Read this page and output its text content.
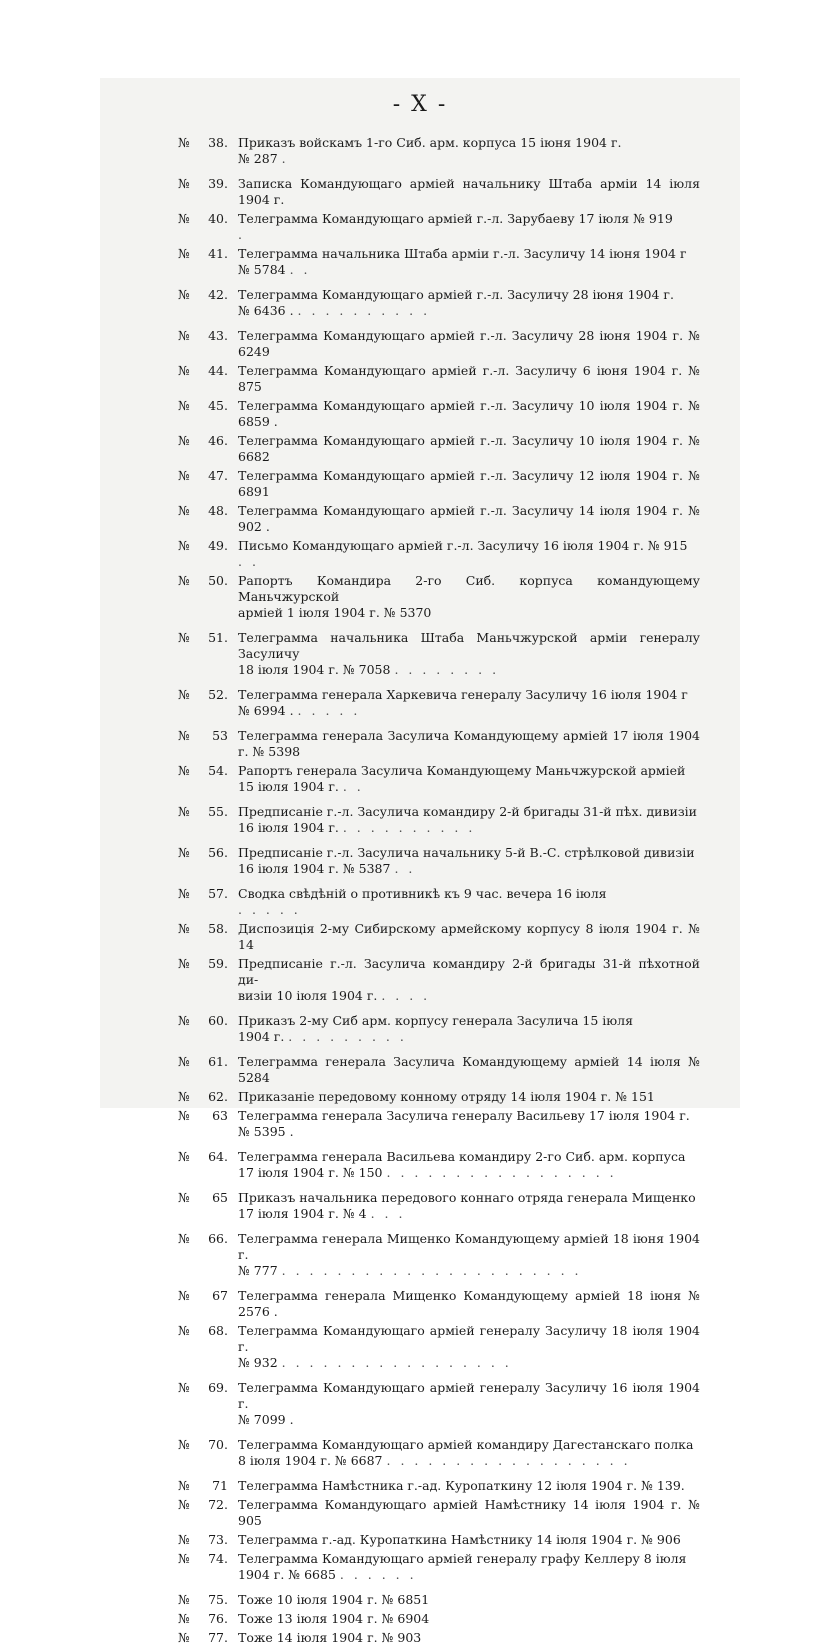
- X -
№	38. Приказъ войскамъ 1-го Сиб. арм. корпуса 15 іюня 1904 г.
№ 287 .
№	39. Записка Командующаго арміей начальнику Штаба арміи 14 іюля 1904 г.
№	40. Телеграмма Командующаго арміей г.-л. Зарубаеву 17 іюля № 919
.
№	41. Телеграмма начальника Штаба арміи г.-л. Засуличу 14 іюня 1904 г
№ 5784 . .
№	42. Телеграмма Командующаго арміей г.-л. Засуличу 28 іюня 1904 г.
№ 6436 . . . . . . . . . . .
№	43. Телеграмма Командующаго арміей г.-л. Засуличу 28 іюня 1904 г. № 6249
№	44. Телеграмма Командующаго арміей г.-л. Засуличу 6 іюня 1904 г. № 875
№	45. Телеграмма Командующаго арміей г.-л. Засуличу 10 іюля 1904 г. № 6859 .
№	46. Телеграмма Командующаго арміей г.-л. Засуличу 10 іюля 1904 г. № 6682
№	47. Телеграмма Командующаго арміей г.-л. Засуличу 12 іюля 1904 г. № 6891
№	48. Телеграмма Командующаго арміей г.-л. Засуличу 14 іюля 1904 г. № 902 .
№	49. Письмо Командующаго арміей г.-л. Засуличу 16 іюля 1904 г. № 915
. .
№	50. Рапортъ Командира 2-го Сиб. корпуса командующему Маньчжурской
арміей 1 іюля 1904 г. № 5370
№	51. Телеграмма начальника Штаба Маньчжурской арміи генералу Засуличу
18 іюля 1904 г. № 7058 . . . . . . . .
№	52. Телеграмма генерала Харкевича генералу Засуличу 16 іюля 1904 г
№ 6994 . . . . . .
№	53 Телеграмма генерала Засулича Командующему арміей 17 іюля 1904 г. № 5398
№	54. Рапортъ генерала Засулича Командующему Маньчжурской арміей
15 іюля 1904 г. . .
№	55. Предписаніе г.-л. Засулича командиру 2-й бригады 31-й пѣх. дивизіи
16 іюля 1904 г. . . . . . . . . . .
№	56. Предписаніе г.-л. Засулича начальнику 5-й В.-С. стрѣлковой дивизіи
16 іюля 1904 г. № 5387 . .
№	57. Сводка свѣдѣній о противникѣ къ 9 час. вечера 16 іюля
. . . . .
№	58. Диспозиція 2-му Сибирскому армейскому корпусу 8 іюля 1904 г. № 14
№	59. Предписаніе г.-л. Засулича командиру 2-й бригады 31-й пѣхотной ди-
визіи 10 іюля 1904 г. . . . .
№	60. Приказъ 2-му Сиб арм. корпусу генерала Засулича 15 іюля
1904 г. . . . . . . . . .
№	61. Телеграмма генерала Засулича Командующему арміей 14 іюля № 5284
№	62. Приказаніе передовому конному отряду 14 іюля 1904 г. № 151
№	63 Телеграмма генерала Засулича генералу Васильеву 17 іюля 1904 г.
№ 5395 .
№	64. Телеграмма генерала Васильева командиру 2-го Сиб. арм. корпуса
17 іюля 1904 г. № 150 . . . . . . . . . . . . . . . . .
№	65 Приказъ начальника передового коннаго отряда генерала Мищенко
17 іюля 1904 г. № 4 . . .
№	66. Телеграмма генерала Мищенко Командующему арміей 18 іюня 1904 г.
№ 777 . . . . . . . . . . . . . . . . . . . . . .
№	67 Телеграмма генерала Мищенко Командующему арміей 18 іюня № 2576 .
№	68. Телеграмма Командующаго арміей генералу Засуличу 18 іюля 1904 г.
№ 932 . . . . . . . . . . . . . . . . .
№	69. Телеграмма Командующаго арміей генералу Засуличу 16 іюля 1904 г.
№ 7099 .
№	70. Телеграмма Командующаго арміей командиру Дагестанскаго полка
8 іюля 1904 г. № 6687 . . . . . . . . . . . . . . . . . .
№	71 Телеграмма Намѣстника г.-ад. Куропаткину 12 іюля 1904 г. № 139.
№	72. Телеграмма Командующаго арміей Намѣстнику 14 іюля 1904 г. № 905
№	73. Телеграмма г.-ад. Куропаткина Намѣстнику 14 іюля 1904 г. № 906
№	74. Телеграмма Командующаго арміей генералу графу Келлеру 8 іюля
1904 г. № 6685 . . . . . .
№	75. Тоже 10 іюля 1904 г. № 6851
№	76. Тоже 13 іюля 1904 г. № 6904
№	77. Тоже 14 іюля 1904 г. № 903
